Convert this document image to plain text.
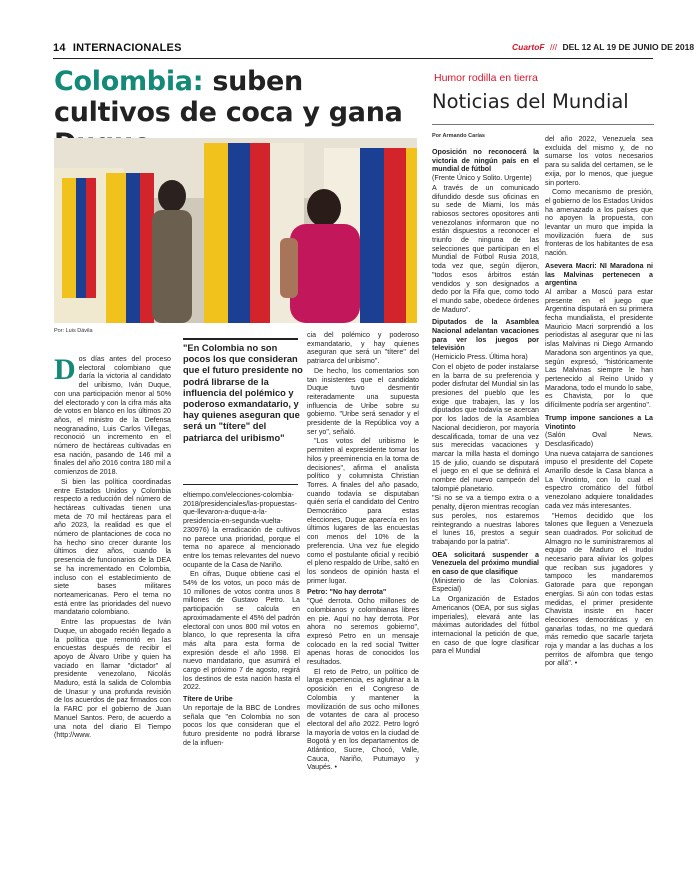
14 INTERNACIONALES	CuartoF /// DEL 12 AL 19 DE JUNIO DE 2018
Colombia: suben cultivos de coca y gana
Por: Luis Dávila

Dos días antes del proceso electoral colombiano que daría la victoria al candidato del uribismo, Iván Duque, con una participación menor al 50% del electorado y con la cifra más alta de votos en blanco en los últimos 20 años, el ministro de la Defensa neogranadino, Luis Carlos Villegas, reconoció un incremento en el número de hectáreas cultivadas en esa nación, pasando de 146 mil a finales del año 2016 contra 180 mil a comienzos de 2018.

Si bien las política coordinadas entre Estados Unidos y Colombia respecto a reducción del número de hectáreas cultivadas tienen una meta de 70 mil hectáreas para el año 2023, la realidad es que el número de plantaciones de coca no ha hecho sino crecer durante los últimos diez años, cuando la presencia de funcionarios de la DEA se ha incrementado en Colombia, incluso con el establecimiento de siete bases militares norteamericanas. Pero el tema no está entre las prioridades del nuevo mandatario colombiano.

Entre las propuestas de Iván Duque, un abogado recién llegado a la política que remontó en las encuestas después de recibir el apoyo de Álvaro Uribe y quien ha vaciado en llamar "dictador" al presidente venezolano, Nicolás Maduro, está la salida de Colombia de Unasur y una profunda revisión de los acuerdos de paz firmados con la FARC por el gobierno de Juan Manuel Santos. Pero, de acuerdo a una nota del diario El Tiempo (http://www.

"En Colombia no son pocos los que consideran que el futuro presidente no podrá librarse de la influencia del polémico y poderoso exmandatario, y hay quienes aseguran que será un "títere" del patriarca del uribismo"

eltiempo.com/elecciones-colombia-2018/presidenciales/las-propuestas-que-llevaron-a-duque-a-la-presidencia-en-segunda-vuelta-230976) la erradicación de cultivos no parece una prioridad, porque el tema no aparece al mencionado entre los temas relevantes del nuevo ocupante de la Casa de Nariño.

En cifras, Duque obtiene casi el 54% de los votos, un poco más de 10 millones de votos contra unos 8 millones de Gustavo Petro. La participación se calcula en aproximadamente el 45% del padrón electoral con unos 800 mil votos en blanco, lo que representa la cifra más alta para esta forma de expresión desde el año 1998. El nuevo mandatario, que asumirá el cargo el próximo 7 de agosto, regirá los destinos de esta nación hasta el 2022.

Títere de Uribe

Un reportaje de la BBC de Londres señala que "en Colombia no son pocos los que consideran que el futuro presidente no podrá librarse de la influen-

cia del polémico y poderoso exmandatario, y hay quienes aseguran que será un "títere" del patriarca del uribismo".

De hecho, los comentarios son tan insistentes que el candidato Duque tuvo desmentir reiteradamente una supuesta influencia de Uribe sobre su gobierno. "Uribe será senador y el presidente de la República voy a ser yo", señaló.

"Los votos del uribismo le permiten al expresidente tomar los hilos y preeminencia en la toma de decisiones", afirma el analista político y columnista Christian Torres. A finales del año pasado, cuando todavía se disputaban quién sería el candidato del Centro Democrático para estas elecciones, Duque aparecía en los últimos lugares de las encuestas con menos del 10% de la preferencia. Una vez fue elegido como el postulante oficial y recibió el pleno respaldo de Uribe, saltó en los sondeos de opinión hasta el primer lugar.

Petro: "No hay derrota"

"Qué derrota. Ocho millones de colombianos y colombianas libres en pie. Aquí no hay derrota. Por ahora no seremos gobierno", expresó Petro en un mensaje colocado en la red social Twitter apenas horas de conocidos los resultados.

El reto de Petro, un político de larga experiencia, es aglutinar a la oposición en el Congreso de Colombia y mantener la movilización de sus ocho millones de votantes de cara al proceso electoral del año 2022. Petro logró la mayoría de votos en la ciudad de Bogotá y en los departamentos de Atlántico, Sucre, Chocó, Valle, Cauca, Nariño, Putumayo y Vaupés. •

Humor rodilla en tierra
Noticias del Mundial
Por Armando Carías
Oposición no reconocerá la victoria de ningún país en el mundial de fútbol

(Frente Único y Solito. Urgente)

A través de un comunicado difundido desde sus oficinas en su sede de Miami, los más rabiosos sectores opositores anti venezolanos informaron que no están dispuestos a reconocer el triunfo de ninguna de las selecciones que participan en el Mundial de Fútbol Rusia 2018, toda vez que, según dijeron, "todos esos árbitros están vendidos y son designados a dedo por la Fifa que, como todo el mundo sabe, obedece órdenes de Maduro".

Diputados de la Asamblea Nacional adelantan vacaciones para ver los juegos por televisión

(Hemiciclo Press. Última hora)

Con el objeto de poder instalarse en la barra de su preferencia y poder disfrutar del Mundial sin las presiones del pueblo que les exige que trabajen, las y los diputados que todavía se acercan por los lados de la Asamblea Nacional decidieron, por mayoría descalificada, tomar de una vez sus merecidas vacaciones y marcar la milla hasta el domingo 15 de julio, cuando se disputará el juego en el que se definirá el nombre del nuevo campeón del talompié planetario.

"Si no se va a tiempo extra o a penalty, dijeron mientras recogían sus peroles, nos estaremos reintegrando a nuestras labores el lunes 16, prestos a seguir trabajando por la patria".

OEA solicitará suspender a Venezuela del próximo mundial en caso de que clasifique

(Ministerio de las Colonias. Especial)

La Organización de Estados Americanos (OEA, por sus siglas imperiales), elevará ante las máximas autoridades del fútbol internacional la petición de que, en caso de que logre clasificar para el Mundial

del año 2022, Venezuela sea excluida del mismo y, de no sumarse los votos necesarios para su salida del certamen, se le exija, por lo menos, que juegue sin portero.

Como mecanismo de presión, el gobierno de los Estados Unidos ha amenazado a los países que no apoyen la propuesta, con levantar un muro que impida la movilización fuera de sus fronteras de los habitantes de esa nación.

Asevera Macri: NI Maradona ni las Malvinas pertenecen a argentina

Al arribar a Moscú para estar presente en el juego que Argentina disputará en su primera fecha mundialista, el presidente Mauricio Macri sorprendió a los periodistas al asegurar que ni las islas Malvinas ni Diego Armando Maradona son argentinos ya que, según expresó, "históricamente Las Malvinas siempre le han pertenecido al Reino Unido y Maradona, todo el mundo lo sabe, es Chavista, por lo que difícilmente podría ser argentino".

Trump impone sanciones a La Vinotinto

(Salón Oval News. Desclasificado)

Una nueva catajarra de sanciones impuso el presidente del Copete Amarillo desde la Casa blanca a La Vinotinto, con lo cual el espectro cromático del fútbol venezolano adquiere tonalidades cada vez más interesantes.

"Hemos decidido que los talones que lleguen a Venezuela sean cuadrados. Por solicitud de Almagro no le suministraremos al equipo de Maduro el Irudoi necesario para aliviar los golpes que reciban sus jugadores y tampoco les mandaremos Gatorade para que repongan energías. Si aún con todas estas medidas, el primer presidente Chavista insiste en hacer elecciones democráticas y en ganarlas todas, no me quedará más remedio que sacarle tarjeta roja y mandar a las duchas a los perritos de alfombra que tengo por allá". •
